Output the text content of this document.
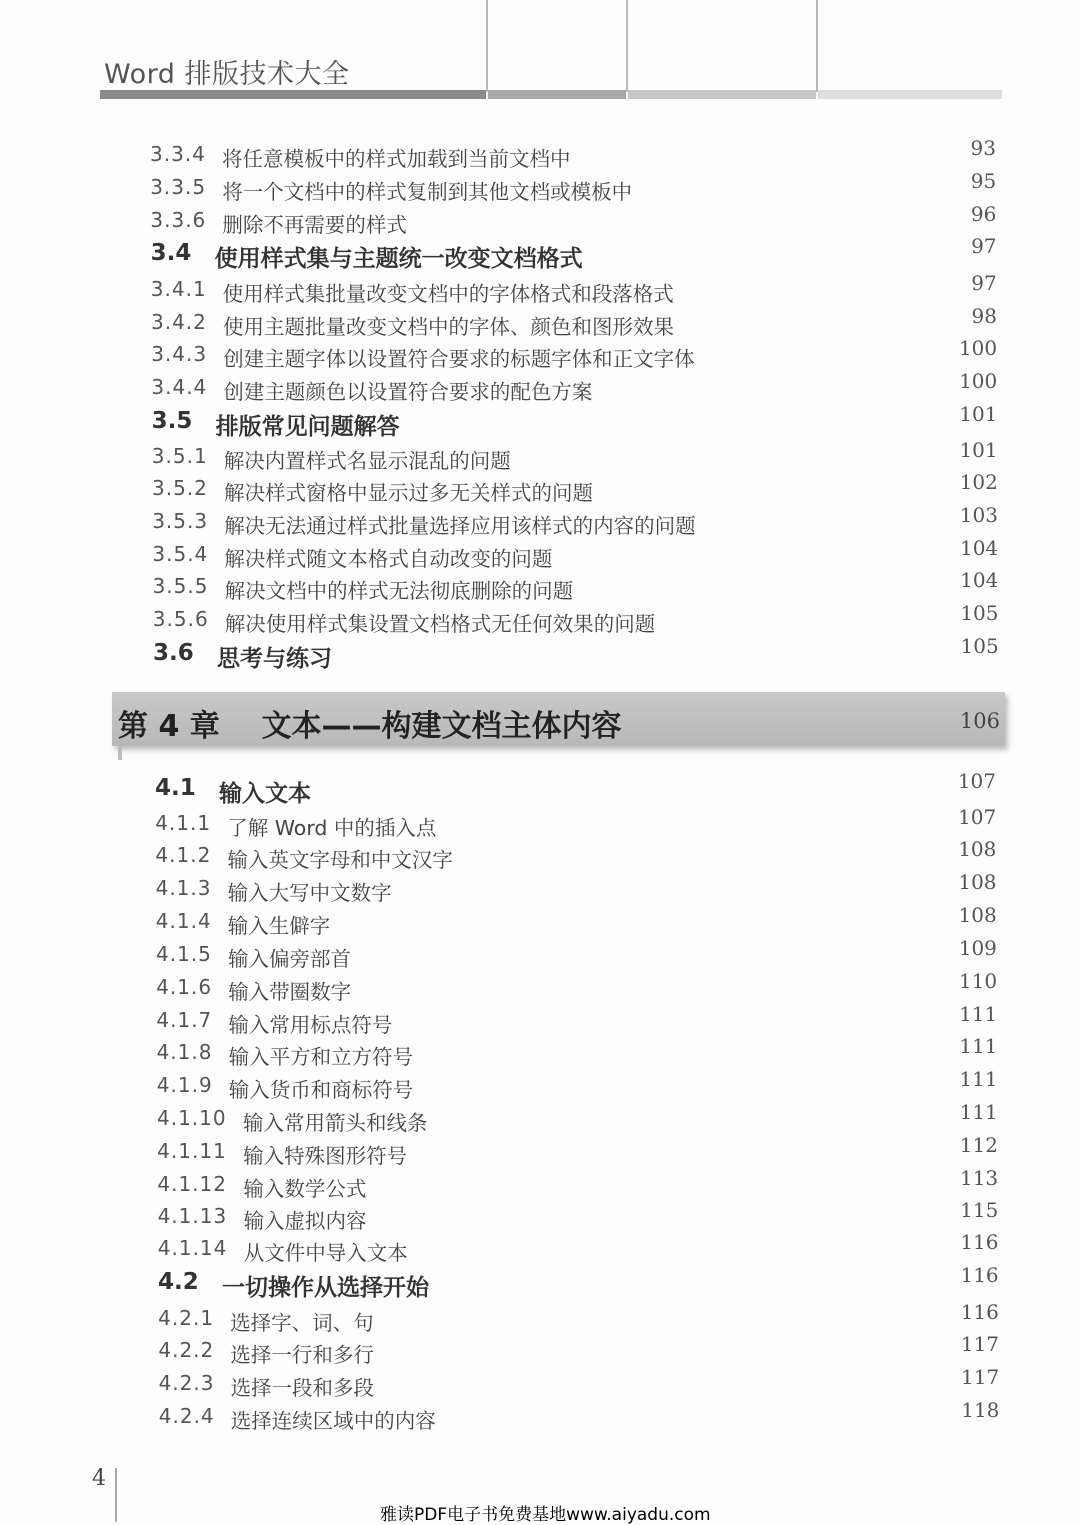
Word 排版技术大全
3.3.4 将任意模板中的样式加载到当前文档中	93
3.3.5 将一个文档中的样式复制到其他文档或模板中	95
3.3.6 删除不再需要的样式	96
3.4 使用样式集与主题统一改变文档格式	97
3.4.1 使用样式集批量改变文档中的字体格式和段落格式	97
3.4.2 使用主题批量改变文档中的字体、颜色和图形效果	98
3.4.3 创建主题字体以设置符合要求的标题字体和正文字体	100
3.4.4 创建主题颜色以设置符合要求的配色方案	100
3.5 排版常见问题解答	101
3.5.1 解决内置样式名显示混乱的问题	101
3.5.2 解决样式窗格中显示过多无关样式的问题	102
3.5.3 解决无法通过样式批量选择应用该样式的内容的问题	103
3.5.4 解决样式随文本格式自动改变的问题	104
3.5.5 解决文档中的样式无法彻底删除的问题	104
3.5.6 解决使用样式集设置文档格式无任何效果的问题	105
3.6 思考与练习	105
第 4 章 文本——构建文档主体内容	106
4.1 输入文本	107
4.1.1 了解 Word 中的插入点	107
4.1.2 输入英文字母和中文汉字	108
4.1.3 输入大写中文数字	108
4.1.4 输入生僻字	108
4.1.5 输入偏旁部首	109
4.1.6 输入带圈数字	110
4.1.7 输入常用标点符号	111
4.1.8 输入平方和立方符号	111
4.1.9 输入货币和商标符号	111
4.1.10 输入常用箭头和线条	111
4.1.11 输入特殊图形符号	112
4.1.12 输入数学公式	113
4.1.13 输入虚拟内容	115
4.1.14 从文件中导入文本	116
4.2 一切操作从选择开始	116
4.2.1 选择字、词、句	116
4.2.2 选择一行和多行	117
4.2.3 选择一段和多段	117
4.2.4 选择连续区域中的内容	118
4
雅读PDF电子书免费基地www.aiyadu.com
